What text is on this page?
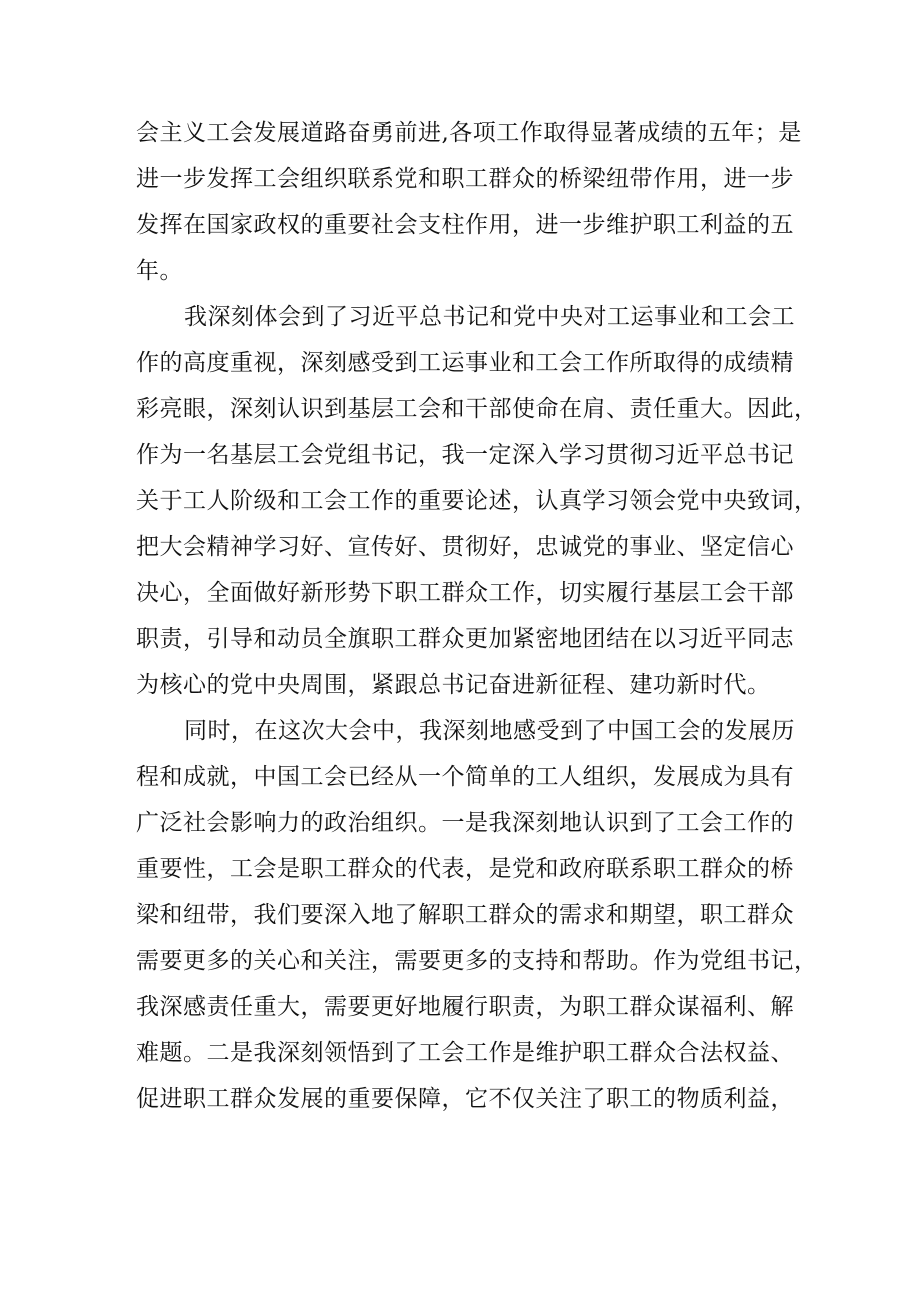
会主义工会发展道路奋勇前进,各项工作取得显著成绩的五年；是
进一步发挥工会组织联系党和职工群众的桥梁纽带作用，进一步
发挥在国家政权的重要社会支柱作用，进一步维护职工利益的五
年。
我深刻体会到了习近平总书记和党中央对工运事业和工会工
作的高度重视，深刻感受到工运事业和工会工作所取得的成绩精
彩亮眼，深刻认识到基层工会和干部使命在肩、责任重大。因此，
作为一名基层工会党组书记，我一定深入学习贯彻习近平总书记
关于工人阶级和工会工作的重要论述，认真学习领会党中央致词，
把大会精神学习好、宣传好、贯彻好，忠诚党的事业、坚定信心
决心，全面做好新形势下职工群众工作，切实履行基层工会干部
职责，引导和动员全旗职工群众更加紧密地团结在以习近平同志
为核心的党中央周围，紧跟总书记奋进新征程、建功新时代。
同时，在这次大会中，我深刻地感受到了中国工会的发展历
程和成就，中国工会已经从一个简单的工人组织，发展成为具有
广泛社会影响力的政治组织。一是我深刻地认识到了工会工作的
重要性，工会是职工群众的代表，是党和政府联系职工群众的桥
梁和纽带，我们要深入地了解职工群众的需求和期望，职工群众
需要更多的关心和关注，需要更多的支持和帮助。作为党组书记，
我深感责任重大，需要更好地履行职责，为职工群众谋福利、解
难题。二是我深刻领悟到了工会工作是维护职工群众合法权益、
促进职工群众发展的重要保障，它不仅关注了职工的物质利益，
